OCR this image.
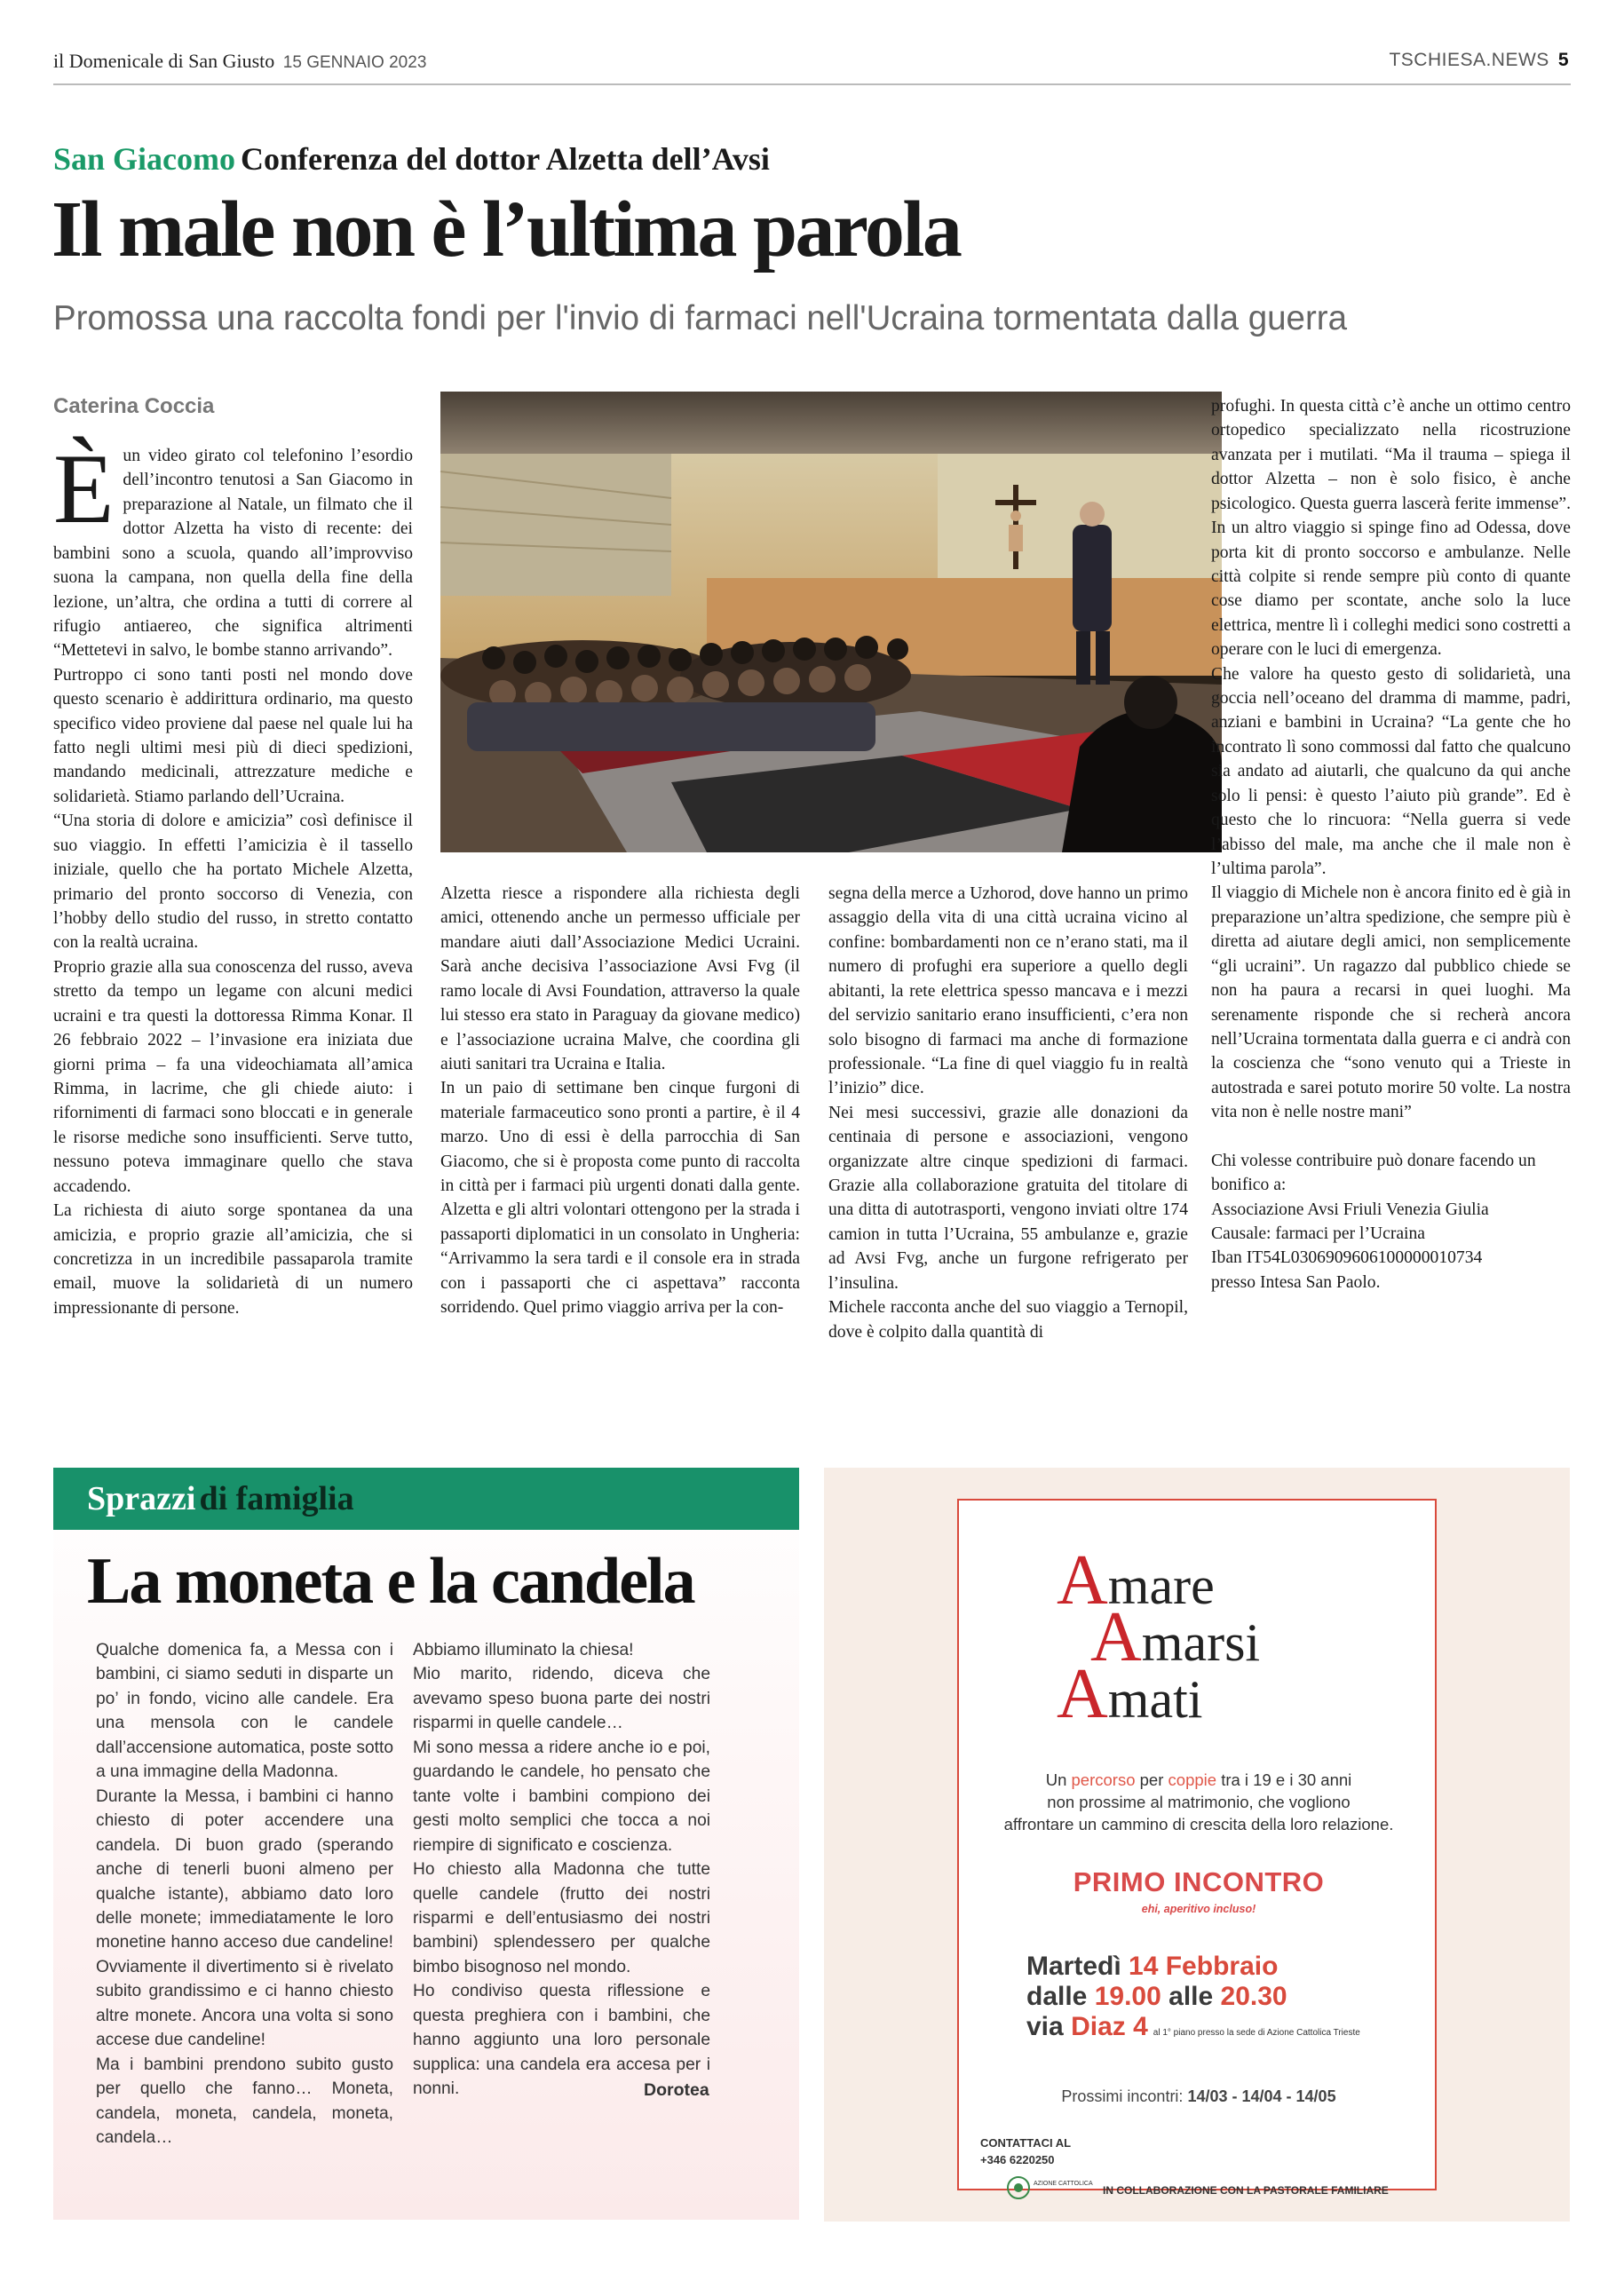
il Domenicale di San Giusto 15 GENNAIO 2023	TSCHIESA.NEWS 5
San Giacomo Conferenza del dottor Alzetta dell’Avsi
Il male non è l’ultima parola
Promossa una raccolta fondi per l'invio di farmaci nell'Ucraina tormentata dalla guerra
Caterina Coccia

Èun video girato col telefonino l’esordio dell’incontro tenutosi a San Giacomo in preparazione al Natale, un filmato che il dottor Alzetta ha visto di recente: dei bambini sono a scuola, quando all’improvviso suona la campana, non quella della fine della lezione, un’altra, che ordina a tutti di correre al rifugio antiaereo, che significa altrimenti “Mettetevi in salvo, le bombe stanno arrivando”.

Purtroppo ci sono tanti posti nel mondo dove questo scenario è addirittura ordinario, ma questo specifico video proviene dal paese nel quale lui ha fatto negli ultimi mesi più di dieci spedizioni, mandando medicinali, attrezzature mediche e solidarietà. Stiamo parlando dell’Ucraina.

“Una storia di dolore e amicizia” così definisce il suo viaggio. In effetti l’amicizia è il tassello iniziale, quello che ha portato Michele Alzetta, primario del pronto soccorso di Venezia, con l’hobby dello studio del russo, in stretto contatto con la realtà ucraina.

Proprio grazie alla sua conoscenza del russo, aveva stretto da tempo un legame con alcuni medici ucraini e tra questi la dottoressa Rimma Konar. Il 26 febbraio 2022 – l’invasione era iniziata due giorni prima – fa una videochiamata all’amica Rimma, in lacrime, che gli chiede aiuto: i rifornimenti di farmaci sono bloccati e in generale le risorse mediche sono insufficienti. Serve tutto, nessuno poteva immaginare quello che stava accadendo.

La richiesta di aiuto sorge spontanea da una amicizia, e proprio grazie all’amicizia, che si concretizza in un incredibile passaparola tramite email, muove la solidarietà di un numero impressionante di persone.

Alzetta riesce a rispondere alla richiesta degli amici, ottenendo anche un permesso ufficiale per mandare aiuti dall’Associazione Medici Ucraini. Sarà anche decisiva l’associazione Avsi Fvg (il ramo locale di Avsi Foundation, attraverso la quale lui stesso era stato in Paraguay da giovane medico) e l’associazione ucraina Malve, che coordina gli aiuti sanitari tra Ucraina e Italia.

In un paio di settimane ben cinque furgoni di materiale farmaceutico sono pronti a partire, è il 4 marzo. Uno di essi è della parrocchia di San Giacomo, che si è proposta come punto di raccolta in città per i farmaci più urgenti donati dalla gente. Alzetta e gli altri volontari ottengono per la strada i passaporti diplomatici in un consolato in Ungheria: “Arrivammo la sera tardi e il console era in strada con i passaporti che ci aspettava” racconta sorridendo. Quel primo viaggio arriva per la con-

segna della merce a Uzhorod, dove hanno un primo assaggio della vita di una città ucraina vicino al confine: bombardamenti non ce n’erano stati, ma il numero di profughi era superiore a quello degli abitanti, la rete elettrica spesso mancava e i mezzi del servizio sanitario erano insufficienti, c’era non solo bisogno di farmaci ma anche di formazione professionale. “La fine di quel viaggio fu in realtà l’inizio” dice.

Nei mesi successivi, grazie alle donazioni da centinaia di persone e associazioni, vengono organizzate altre cinque spedizioni di farmaci. Grazie alla collaborazione gratuita del titolare di una ditta di autotrasporti, vengono inviati oltre 174 camion in tutta l’Ucraina, 55 ambulanze e, grazie ad Avsi Fvg, anche un furgone refrigerato per l’insulina.

Michele racconta anche del suo viaggio a Ternopil, dove è colpito dalla quantità di

profughi. In questa città c’è anche un ottimo centro ortopedico specializzato nella ricostruzione avanzata per i mutilati. “Ma il trauma – spiega il dottor Alzetta – non è solo fisico, è anche psicologico. Questa guerra lascerà ferite immense”. In un altro viaggio si spinge fino ad Odessa, dove porta kit di pronto soccorso e ambulanze. Nelle città colpite si rende sempre più conto di quante cose diamo per scontate, anche solo la luce elettrica, mentre lì i colleghi medici sono costretti a operare con le luci di emergenza.

Che valore ha questo gesto di solidarietà, una goccia nell’oceano del dramma di mamme, padri, anziani e bambini in Ucraina? “La gente che ho incontrato lì sono commossi dal fatto che qualcuno sia andato ad aiutarli, che qualcuno da qui anche solo li pensi: è questo l’aiuto più grande”. Ed è questo che lo rincuora: “Nella guerra si vede l’abisso del male, ma anche che il male non è l’ultima parola”.

Il viaggio di Michele non è ancora finito ed è già in preparazione un’altra spedizione, che sempre più è diretta ad aiutare degli amici, non semplicemente “gli ucraini”. Un ragazzo dal pubblico chiede se non ha paura a recarsi in quei luoghi. Ma serenamente risponde che si recherà ancora nell’Ucraina tormentata dalla guerra e ci andrà con la coscienza che “sono venuto qui a Trieste in autostrada e sarei potuto morire 50 volte. La nostra vita non è nelle nostre mani”

Chi volesse contribuire può donare facendo un bonifico a:

Associazione Avsi Friuli Venezia Giulia

Causale: farmaci per l’Ucraina

Iban IT54L0306909606100000010734

presso Intesa San Paolo.

Sprazzi di famiglia
La moneta e la candela

Qualche domenica fa, a Messa con i bambini, ci siamo seduti in disparte un po’ in fondo, vicino alle candele. Era una mensola con le candele dall’accensione automatica, poste sotto a una immagine della Madonna.

Durante la Messa, i bambini ci hanno chiesto di poter accendere una candela. Di buon grado (sperando anche di tenerli buoni almeno per qualche istante), abbiamo dato loro delle monete; immediatamente le loro monetine hanno acceso due candeline! Ovviamente il divertimento si è rivelato subito grandissimo e ci hanno chiesto altre monete. Ancora una volta si sono accese due candeline!

Ma i bambini prendono subito gusto per quello che fanno… Moneta, candela, moneta, candela, moneta, candela…

Abbiamo illuminato la chiesa!

Mio marito, ridendo, diceva che avevamo speso buona parte dei nostri risparmi in quelle candele…

Mi sono messa a ridere anche io e poi, guardando le candele, ho pensato che tante volte i bambini compiono dei gesti molto semplici che tocca a noi riempire di significato e coscienza.

Ho chiesto alla Madonna che tutte quelle candele (frutto dei nostri risparmi e dell’entusiasmo dei nostri bambini) splendessero per qualche bimbo bisognoso nel mondo.

Ho condiviso questa riflessione e questa preghiera con i bambini, che hanno aggiunto una loro personale supplica: una candela era accesa per i nonni.	Dorotea
Amare
Amarsi
Amati
Un percorso per coppie tra i 19 e i 30 anni
non prossime al matrimonio, che vogliono
affrontare un cammino di crescita della loro relazione.
PRIMO INCONTRO
ehi, aperitivo incluso!
Martedì 14 Febbraio
dalle 19.00 alle 20.30
via Diaz 4 al 1° piano presso la sede di Azione Cattolica Trieste
Prossimi incontri: 14/03 - 14/04 - 14/05
CONTATTACI AL
+346 6220250
AZIONE CATTOLICA
IN COLLABORAZIONE CON LA PASTORALE FAMILIARE
